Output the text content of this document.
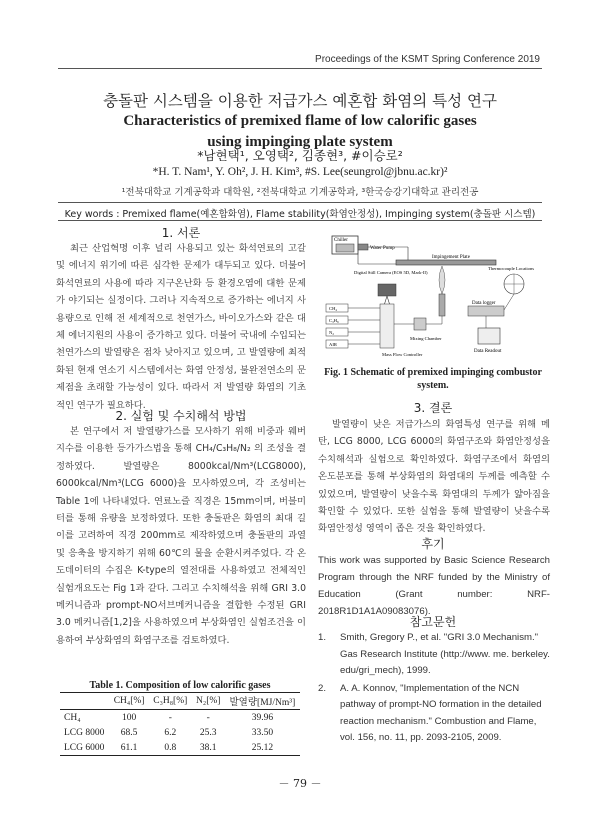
Proceedings of the KSMT Spring Conference 2019
충돌판 시스템을 이용한 저급가스 예혼합 화염의 특성 연구
Characteristics of premixed flame of low calorific gases
using impinging plate system
*남현택¹, 오영택², 김종현³, #이승로²
*H. T. Nam¹, Y. Oh², J. H. Kim³, #S. Lee(seungrol@jbnu.ac.kr)²
¹전북대학교 기계공학과 대학원, ²전북대학교 기계공학과, ³한국승강기대학교 관리전공
Key words : Premixed flame(예혼합화염), Flame stability(화염안정성), Impinging system(충돌판 시스템)
1. 서론

최근 산업혁명 이후 널리 사용되고 있는 화석연료의 고갈 및 에너지 위기에 따른 심각한 문제가 대두되고 있다. 더불어 화석연료의 사용에 따라 지구온난화 등 환경오염에 대한 문제가 야기되는 실정이다. 그러나 지속적으로 증가하는 에너지 사용량으로 인해 전 세계적으로 천연가스, 바이오가스와 같은 대체 에너지원의 사용이 증가하고 있다. 더불어 국내에 수입되는 천연가스의 발열량은 점차 낮아지고 있으며, 고 발열량에 최적화된 현재 연소기 시스템에서는 화염 안정성, 불완전연소의 문제점을 초래할 가능성이 있다. 따라서 저 발열량 화염의 기초적인 연구가 필요하다.

2. 실험 및 수치해석 방법

본 연구에서 저 발열량가스를 모사하기 위해 비중과 웨버지수를 이용한 등가가스법을 통해 CH₄/C₃H₈/N₂ 의 조성을 결정하였다. 발열량은 8000kcal/Nm³(LCG8000), 6000kcal/Nm³(LCG 6000)을 모사하였으며, 각 조성비는 Table 1에 나타내었다. 연료노즐 직경은 15mm이며, 버블미터를 통해 유량을 보정하였다. 또한 충돌판은 화염의 최대 길이를 고려하여 직경 200mm로 제작하였으며 충돌판의 과열 및 응축을 방지하기 위해 60℃의 물을 순환시켜주었다. 각 온도데이터의 수집은 K-type의 열전대를 사용하였고 전체적인 실험개요도는 Fig 1과 같다. 그리고 수치해석을 위해 GRI 3.0 메커니즘과 prompt-NO서브메커니즘을 결합한 수정된 GRI 3.0 메커니즘[1,2]을 사용하였으며 부상화염인 실험조건을 이용하여 부상화염의 화염구조를 검토하였다.

Table 1. Composition of low calorific gases
	CH₄[%]	C₃H₈[%]	N₂[%]	발열량[MJ/Nm³]
CH₄	100	-	-	39.96
LCG 8000	68.5	6.2	25.3	33.50
LCG 6000	61.1	0.8	38.1	25.12
Chiller
Water Pump
Impingement Plate
Thermocouple Locations
Digital Still Camera (EOS 5D, Mark-II)
Data logger
Data Readout
CH₄
C₃H₈
N₂
AIR
Mass Flow Controller
Mixing Chamber
Fig. 1 Schematic of premixed impinging combustor system.
3. 결론

발열량이 낮은 저급가스의 화염특성 연구를 위해 메탄, LCG 8000, LCG 6000의 화염구조와 화염안정성을 수치해석과 실험으로 확인하였다. 화염구조에서 화염의 온도분포를 통해 부상화염의 화염대의 두께를 예측할 수 있었으며, 발열량이 낮을수록 화염대의 두께가 얇아짐을 확인할 수 있었다. 또한 실험을 통해 발열량이 낮을수록 화염안정성 영역이 좁은 것을 확인하였다.

후기
This work was supported by Basic Science Research Program through the NRF funded by the Ministry of Education (Grant number: NRF-2018R1D1A1A09083076).
참고문헌
1.	Smith, Gregory P., et al. "GRI 3.0 Mechanism." Gas Research Institute (http://www. me. berkeley. edu/gri_mech), 1999.
2.	A. A. Konnov, "Implementation of the NCN pathway of prompt-NO formation in the detailed reaction mechanism." Combustion and Flame, vol. 156, no. 11, pp. 2093-2105, 2009.
－ 79 －
